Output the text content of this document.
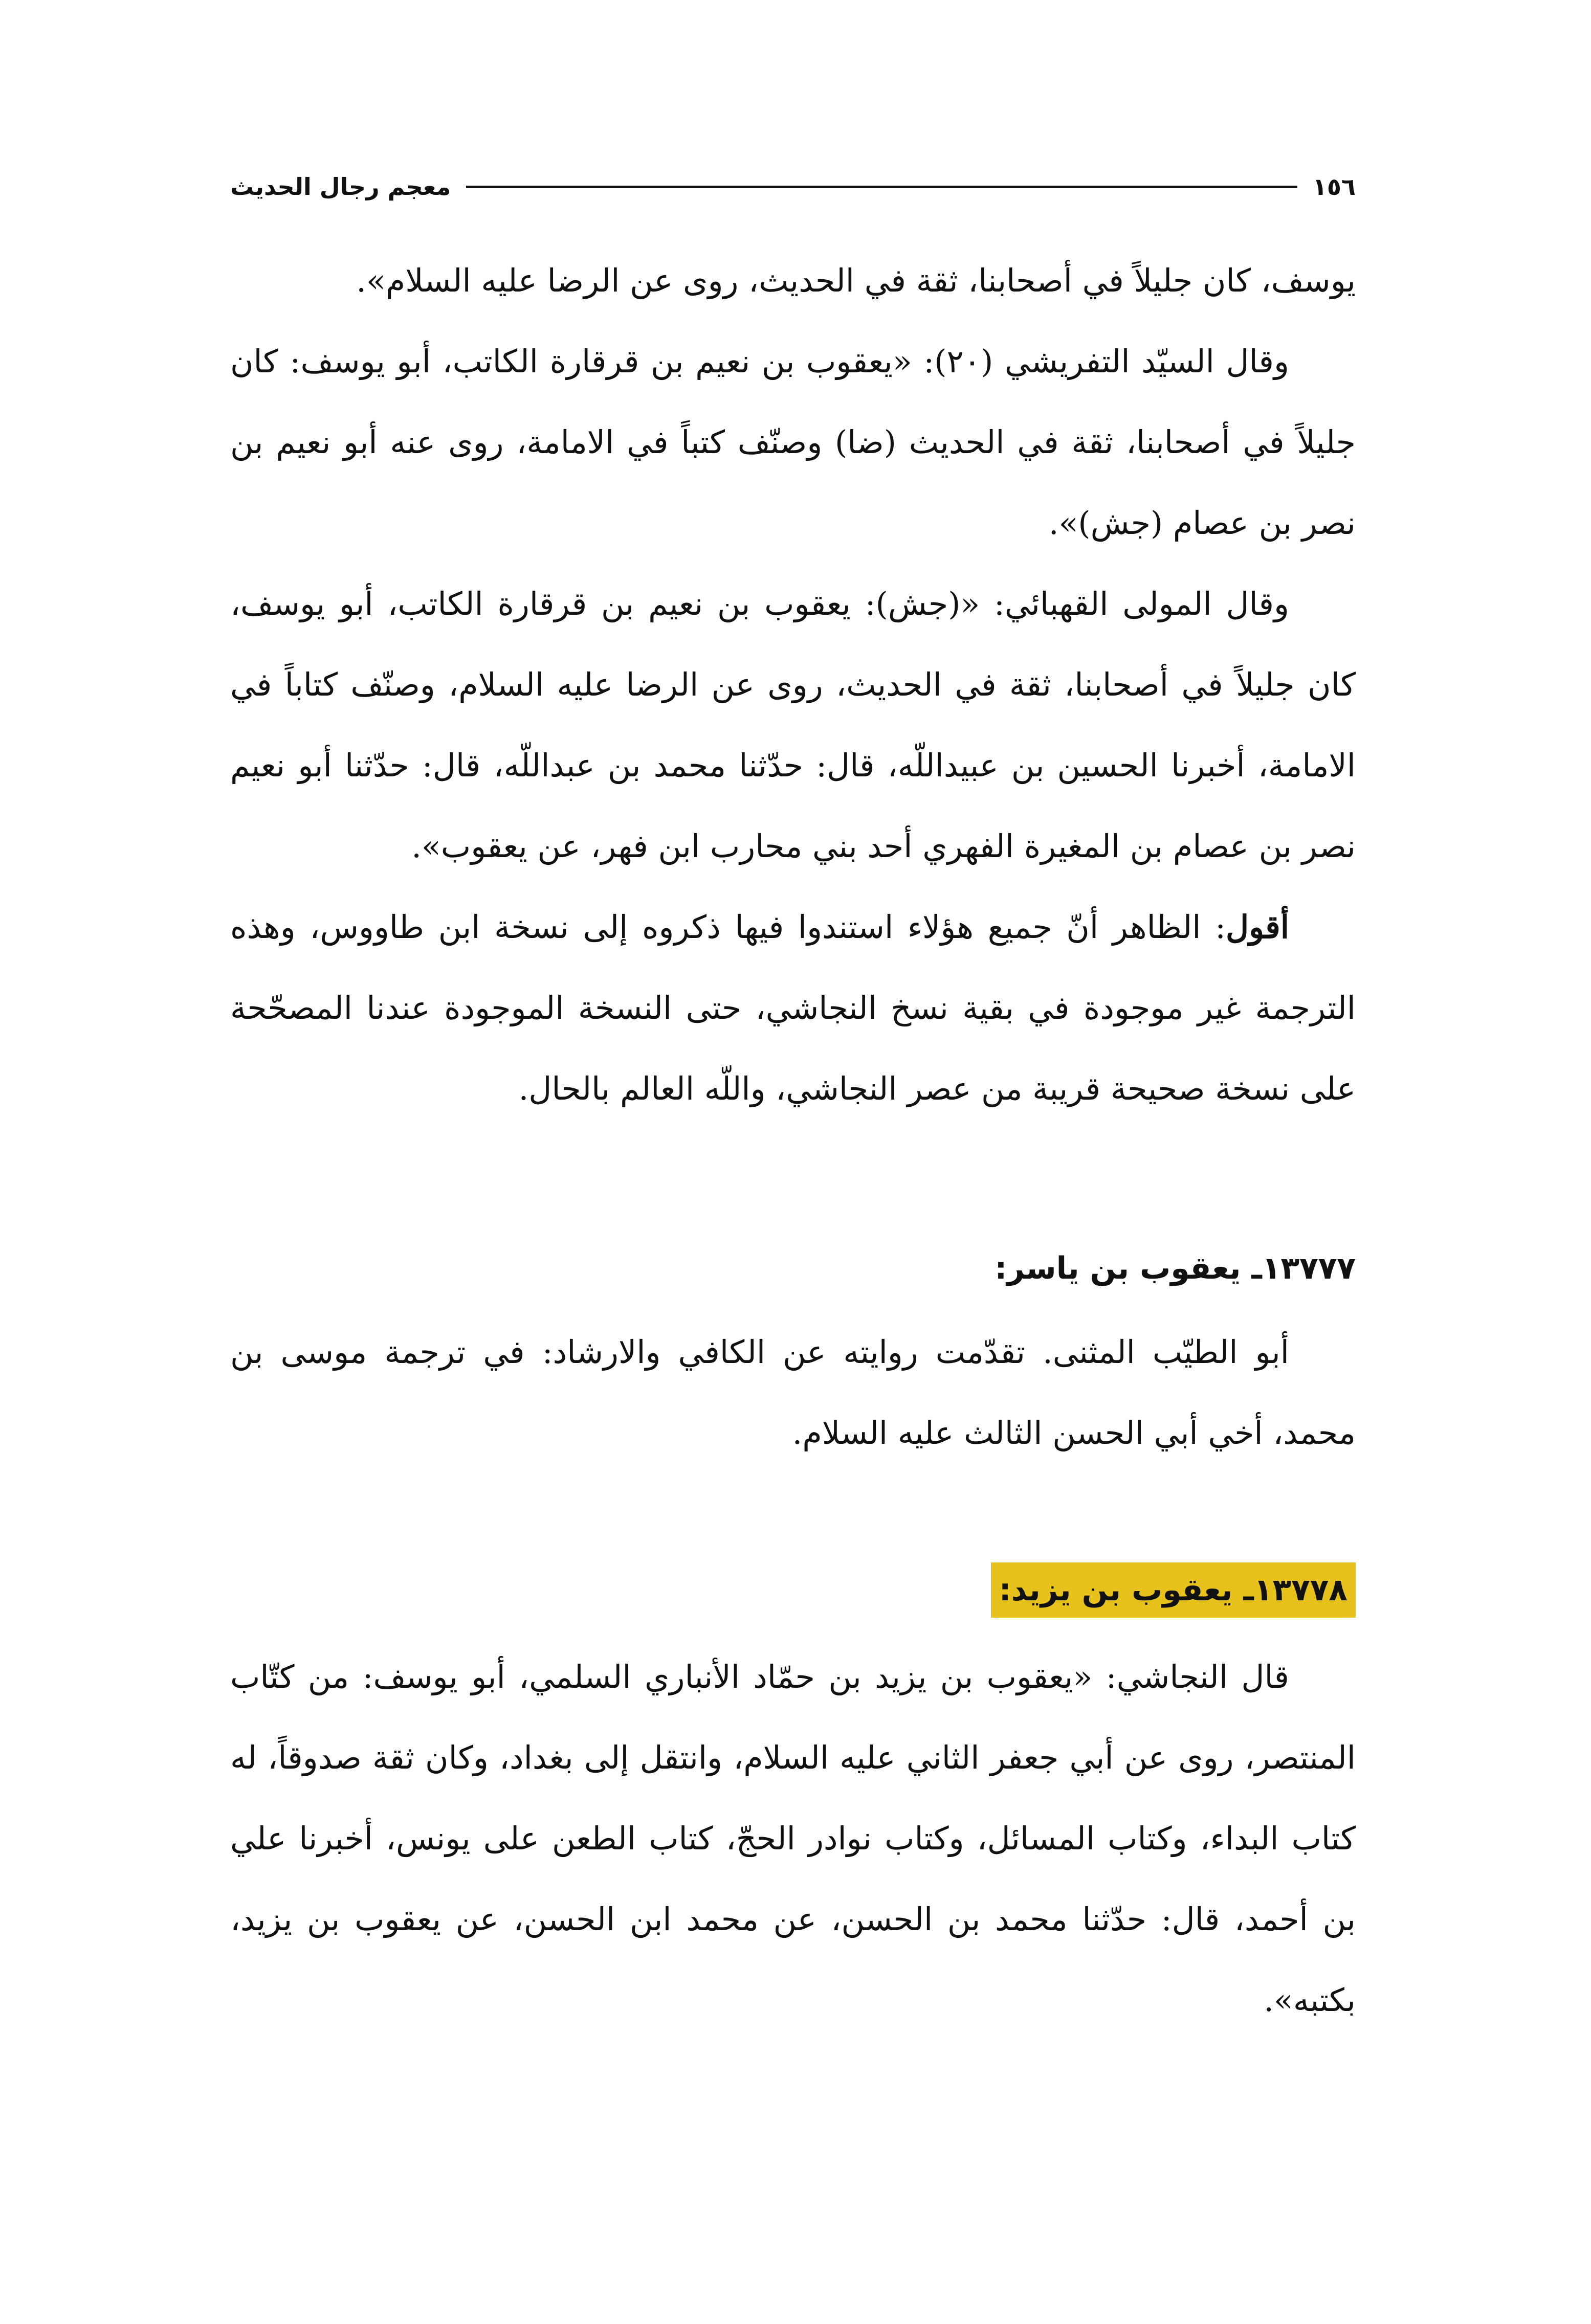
١٥٦
معجم رجال الحديث

يوسف، كان جليلاً في أصحابنا، ثقة في الحديث، روى عن الرضا عليه السلام».

وقال السيّد التفريشي (٢٠): «يعقوب بن نعيم بن قرقارة الكاتب، أبو يوسف: كان جليلاً في أصحابنا، ثقة في الحديث (ضا) وصنّف كتباً في الامامة، روى عنه أبو نعيم بن نصر بن عصام (جش)».

وقال المولى القهبائي: «(جش): يعقوب بن نعيم بن قرقارة الكاتب، أبو يوسف، كان جليلاً في أصحابنا، ثقة في الحديث، روى عن الرضا عليه السلام، وصنّف كتاباً في الامامة، أخبرنا الحسين بن عبيداللّه، قال: حدّثنا محمد بن عبداللّه، قال: حدّثنا أبو نعيم نصر بن عصام بن المغيرة الفهري أحد بني محارب ابن فهر، عن يعقوب».

أقول: الظاهر أنّ جميع هؤلاء استندوا فيها ذكروه إلى نسخة ابن طاووس، وهذه الترجمة غير موجودة في بقية نسخ النجاشي، حتى النسخة الموجودة عندنا المصحّحة على نسخة صحيحة قريبة من عصر النجاشي، واللّه العالم بالحال.

١٣٧٧٧ـ يعقوب بن ياسر:

أبو الطيّب المثنى. تقدّمت روايته عن الكافي والارشاد: في ترجمة موسى بن محمد، أخي أبي الحسن الثالث عليه السلام.

١٣٧٧٨ـ يعقوب بن يزيد:

قال النجاشي: «يعقوب بن يزيد بن حمّاد الأنباري السلمي، أبو يوسف: من كتّاب المنتصر، روى عن أبي جعفر الثاني عليه السلام، وانتقل إلى بغداد، وكان ثقة صدوقاً، له كتاب البداء، وكتاب المسائل، وكتاب نوادر الحجّ، كتاب الطعن على يونس، أخبرنا علي بن أحمد، قال: حدّثنا محمد بن الحسن، عن محمد ابن الحسن، عن يعقوب بن يزيد، بكتبه».
